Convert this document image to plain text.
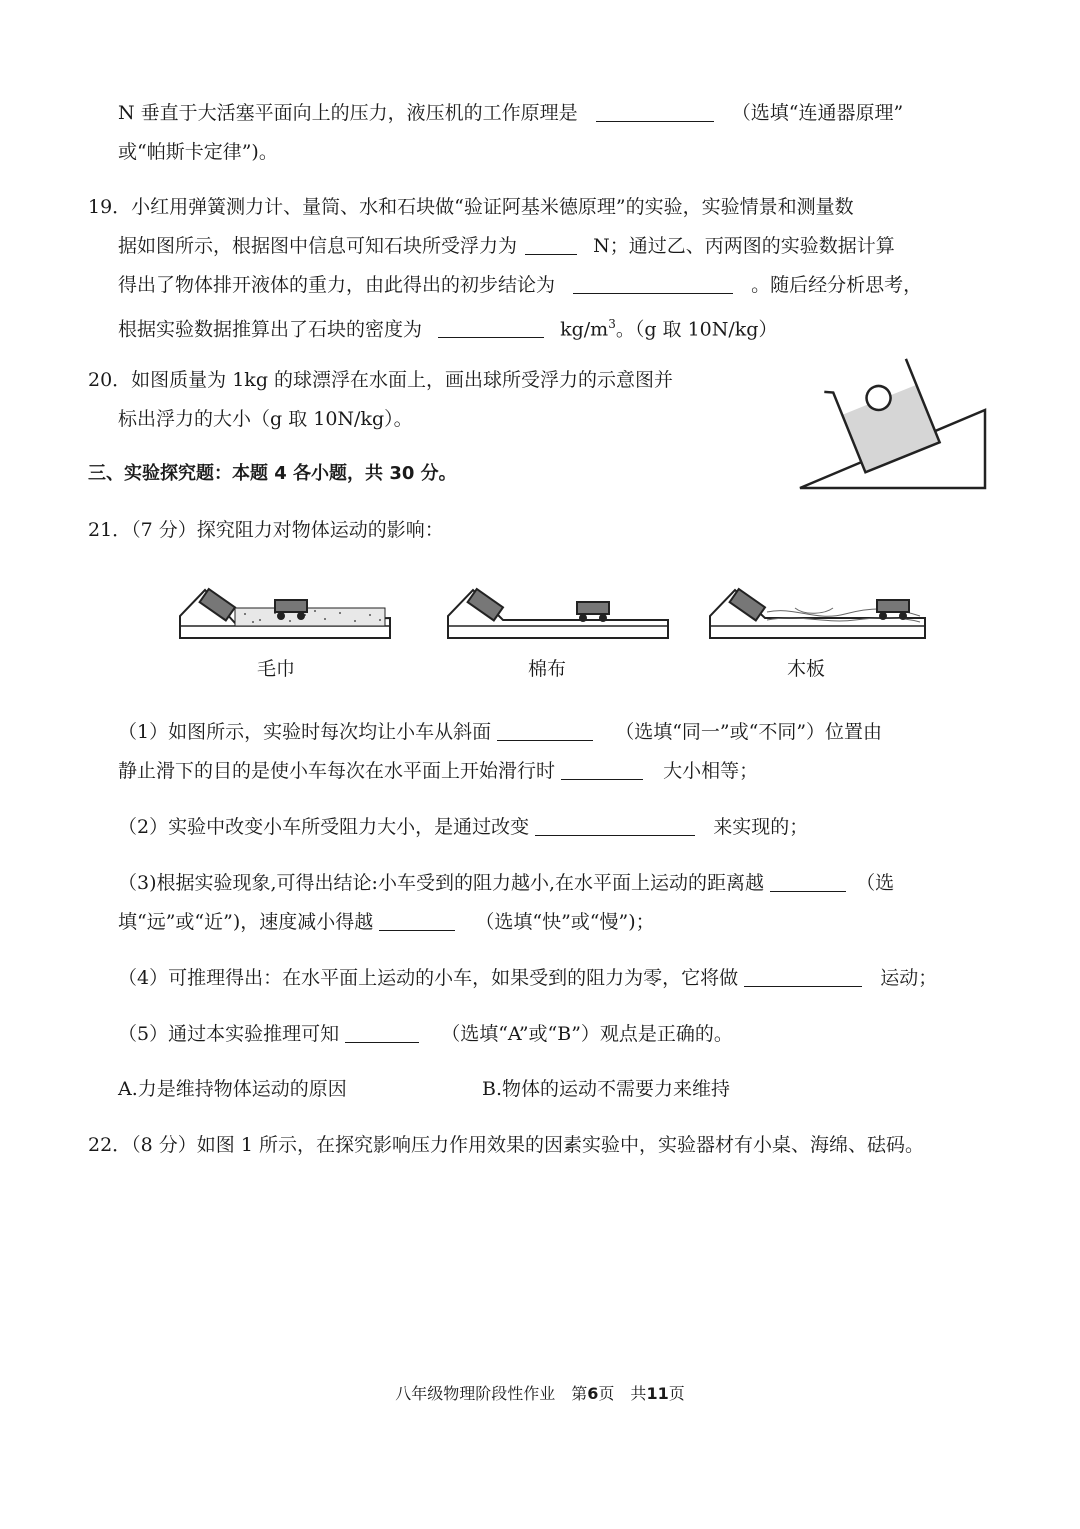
N 垂直于大活塞平面向上的压力，液压机的工作原理是	（选填“连通器原理”
或“帕斯卡定律”)。
19．小红用弹簧测力计、量筒、水和石块做“验证阿基米德原理”的实验，实验情景和测量数
据如图所示，根据图中信息可知石块所受浮力为	N；通过乙、丙两图的实验数据计算
得出了物体排开液体的重力，由此得出的初步结论为	。随后经分析思考，
根据实验数据推算出了石块的密度为	$kg/m^3$。（g 取 10N/kg）
20．如图质量为 1kg 的球漂浮在水面上，画出球所受浮力的示意图并
标出浮力的大小（g 取 10N/kg）。
三、实验探究题：本题 4 各小题，共 30 分。
21．（7 分）探究阻力对物体运动的影响：
毛巾	棉布	木板
（1）如图所示，实验时每次均让小车从斜面	（选填“同一”或“不同”）位置由
静止滑下的目的是使小车每次在水平面上开始滑行时	大小相等；
（2）实验中改变小车所受阻力大小，是通过改变	来实现的；
（3)根据实验现象,可得出结论:小车受到的阻力越小,在水平面上运动的距离越	（选
填“远”或“近”)，速度减小得越	（选填“快”或“慢”)；
（4）可推理得出：在水平面上运动的小车，如果受到的阻力为零，它将做	运动；
（5）通过本实验推理可知	（选填“A”或“B”）观点是正确的。
A.力是维持物体运动的原因	B.物体的运动不需要力来维持
22．（8 分）如图 1 所示，在探究影响压力作用效果的因素实验中，实验器材有小桌、海绵、砝码。
八年级物理阶段性作业　第6页　共11页
